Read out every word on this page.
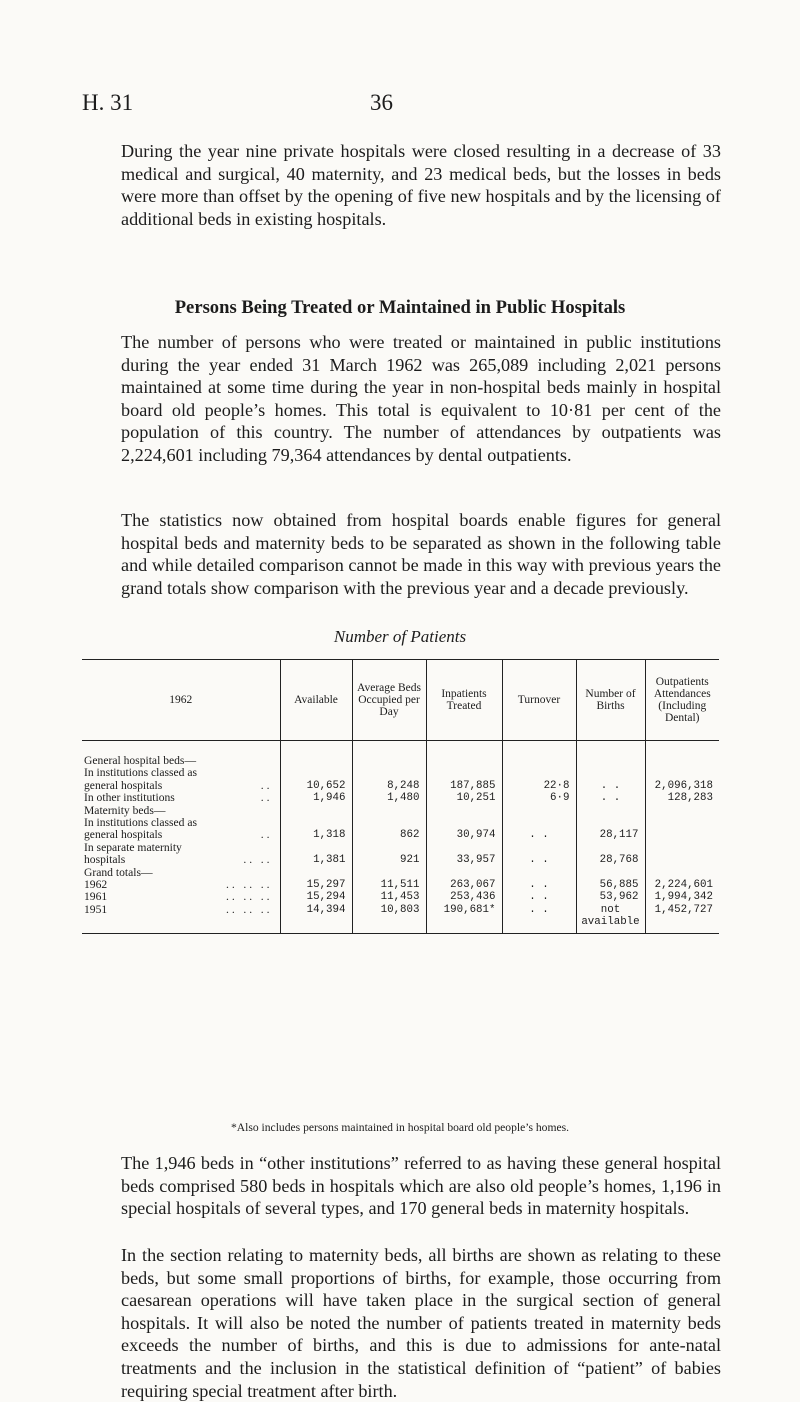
H. 31	36

During the year nine private hospitals were closed resulting in a decrease of 33 medical and surgical, 40 maternity, and 23 medical beds, but the losses in beds were more than offset by the opening of five new hospitals and by the licensing of additional beds in existing hospitals.

Persons Being Treated or Maintained in Public Hospitals

The number of persons who were treated or maintained in public institutions during the year ended 31 March 1962 was 265,089 including 2,021 persons maintained at some time during the year in non-hospital beds mainly in hospital board old people’s homes. This total is equivalent to 10·81 per cent of the population of this country. The number of attendances by outpatients was 2,224,601 including 79,364 attendances by dental outpatients.

The statistics now obtained from hospital boards enable figures for general hospital beds and maternity beds to be separated as shown in the following table and while detailed comparison cannot be made in this way with previous years the grand totals show comparison with the previous year and a decade previously.

Number of Patients
1962	Available	Average Beds Occupied per Day	Inpatients Treated	Turnover	Number of Births	Outpatients Attendances (Including Dental)

General hospital beds—						

In institutions classed as						

general hospitals . .	10,652	8,248	187,885	22·8	. .	2,096,318

In other institutions . .	1,946	1,480	10,251	6·9	. .	128,283

Maternity beds—						

In institutions classed as						

general hospitals . .	1,318	862	30,974	. .	28,117	

In separate maternity						

hospitals . .   . .	1,381	921	33,957	. .	28,768	

Grand totals—						

1962 . .   . .   . .	15,297	11,511	263,067	. .	56,885	2,224,601

1961 . .   . .   . .	15,294	11,453	253,436	. .	53,962	1,994,342

1951 . .   . .   . .	14,394	10,803	190,681*	. .	not	1,452,727

					available	
*Also includes persons maintained in hospital board old people’s homes.

The 1,946 beds in “other institutions” referred to as having these general hospital beds comprised 580 beds in hospitals which are also old people’s homes, 1,196 in special hospitals of several types, and 170 general beds in maternity hospitals.

In the section relating to maternity beds, all births are shown as relating to these beds, but some small proportions of births, for example, those occurring from caesarean operations will have taken place in the surgical section of general hospitals. It will also be noted the number of patients treated in maternity beds exceeds the number of births, and this is due to admissions for ante-natal treatments and the inclusion in the statistical definition of “patient” of babies requiring special treatment after birth.
